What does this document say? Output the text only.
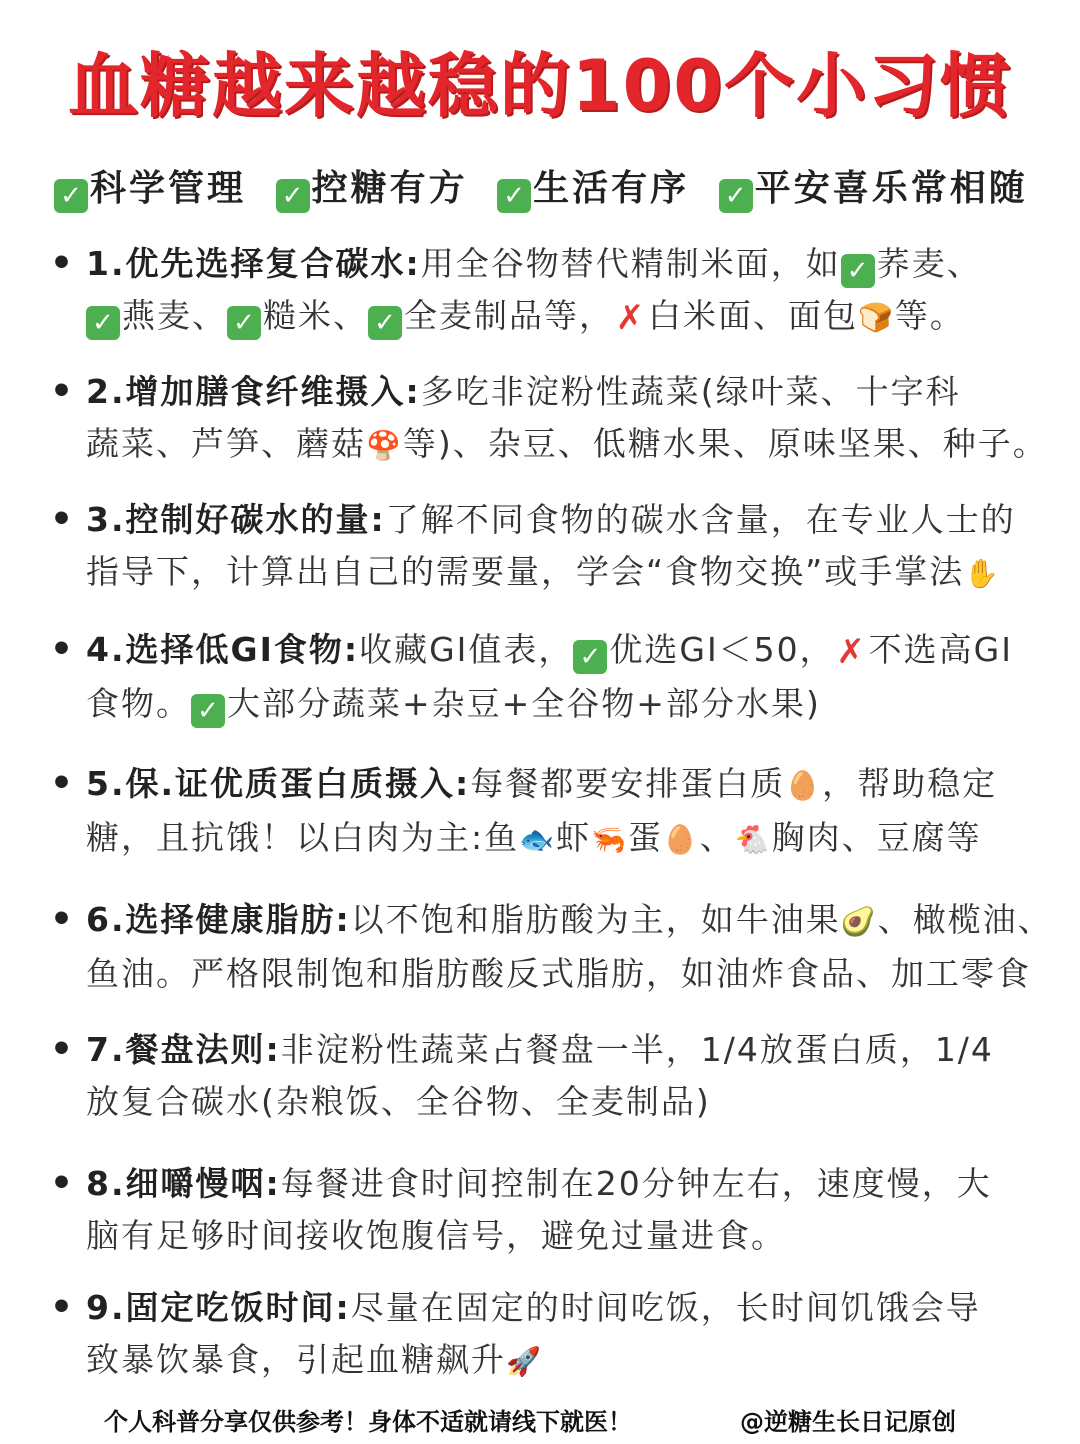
血糖越来越稳的100个小习惯
✓ 科学管理 ✓ 控糖有方 ✓ 生活有序 ✓ 平安喜乐常相随
• 1.优先选择复合碳水:用全谷物替代精制米面，如 ✓ 荞麦、
✓ 燕麦、 ✓ 糙米、 ✓ 全麦制品等，✗白米面、面包🍞等。
• 2.增加膳食纤维摄入:多吃非淀粉性蔬菜(绿叶菜、十字科
蔬菜、芦笋、蘑菇🍄等)、杂豆、低糖水果、原味坚果、种子。
• 3.控制好碳水的量:了解不同食物的碳水含量，在专业人士的
指导下，计算出自己的需要量，学会“食物交换”或手掌法✋
• 4.选择低GI食物:收藏GI值表， ✓ 优选GI＜50，✗不选高GI
食物。 ✓ 大部分蔬菜+杂豆+全谷物+部分水果)
• 5.保.证优质蛋白质摄入:每餐都要安排蛋白质🥚，帮助稳定
糖，且抗饿！以白肉为主:鱼🐟虾🦐蛋🥚、🐔胸肉、豆腐等
• 6.选择健康脂肪:以不饱和脂肪酸为主，如牛油果🥑、橄榄油、
鱼油。严格限制饱和脂肪酸反式脂肪，如油炸食品、加工零食
• 7.餐盘法则:非淀粉性蔬菜占餐盘一半，1/4放蛋白质，1/4
放复合碳水(杂粮饭、全谷物、全麦制品)
• 8.细嚼慢咽:每餐进食时间控制在20分钟左右，速度慢，大
脑有足够时间接收饱腹信号，避免过量进食。
• 9.固定吃饭时间:尽量在固定的时间吃饭，长时间饥饿会导
致暴饮暴食，引起血糖飙升🚀
个人科普分享仅供参考！身体不适就请线下就医！	@逆糖生长日记原创
